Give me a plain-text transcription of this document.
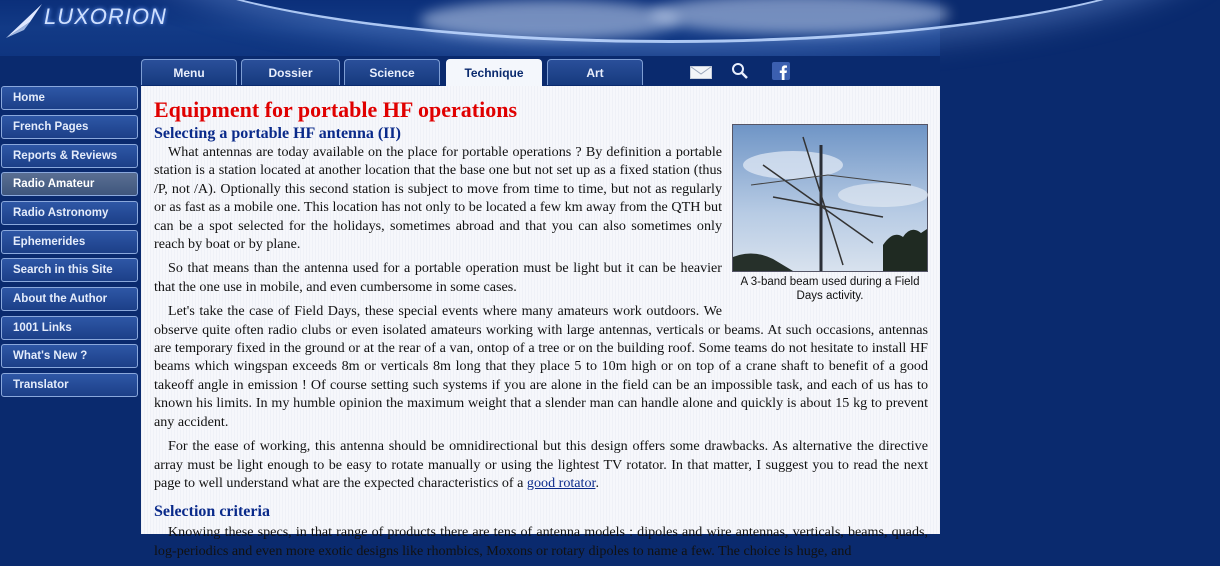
LUXORION
Menu	Dossier	Science	Technique	Art
Home
French Pages
Reports & Reviews
Radio Amateur
Radio Astronomy
Ephemerides
Search in this Site
About the Author
1001 Links
What's New ?
Translator
Equipment for portable HF operations
A 3-band beam used during a Field Days activity.
Selecting a portable HF antenna (II)

What antennas are today available on the place for portable operations ? By definition a portable station is a station located at another location that the base one but not set up as a fixed station (thus /P, not /A). Optionally this second station is subject to move from time to time, but not as regularly or as fast as a mobile one. This location has not only to be located a few km away from the QTH but can be a spot selected for the holidays, sometimes abroad and that you can also sometimes only reach by boat or by plane.

So that means than the antenna used for a portable operation must be light but it can be heavier that the one use in mobile, and even cumbersome in some cases.

Let's take the case of Field Days, these special events where many amateurs work outdoors. We observe quite often radio clubs or even isolated amateurs working with large antennas, verticals or beams. At such occasions, antennas are temporary fixed in the ground or at the rear of a van, ontop of a tree or on the building roof. Some teams do not hesitate to install HF beams which wingspan exceeds 8m or verticals 8m long that they place 5 to 10m high or on top of a crane shaft to benefit of a good takeoff angle in emission ! Of course setting such systems if you are alone in the field can be an impossible task, and each of us has to known his limits. In my humble opinion the maximum weight that a slender man can handle alone and quickly is about 15 kg to prevent any accident.

For the ease of working, this antenna should be omnidirectional but this design offers some drawbacks. As alternative the directive array must be light enough to be easy to rotate manually or using the lightest TV rotator. In that matter, I suggest you to read the next page to well understand what are the expected characteristics of a good rotator.

Selection criteria

Knowing these specs, in that range of products there are tens of antenna models : dipoles and wire antennas, verticals, beams, quads, log-periodics and even more exotic designs like rhombics, Moxons or rotary dipoles to name a few. The choice is huge, and
